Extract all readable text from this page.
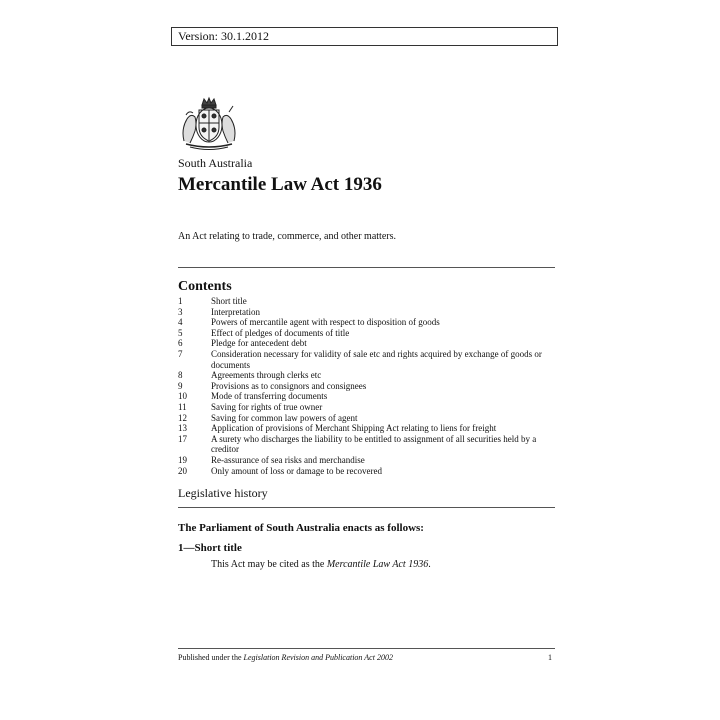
Version: 30.1.2012
South Australia
Mercantile Law Act 1936
An Act relating to trade, commerce, and other matters.
Contents
1	Short title
3	Interpretation
4	Powers of mercantile agent with respect to disposition of goods
5	Effect of pledges of documents of title
6	Pledge for antecedent debt
7	Consideration necessary for validity of sale etc and rights acquired by exchange of goods or documents
8	Agreements through clerks etc
9	Provisions as to consignors and consignees
10	Mode of transferring documents
11	Saving for rights of true owner
12	Saving for common law powers of agent
13	Application of provisions of Merchant Shipping Act relating to liens for freight
17	A surety who discharges the liability to be entitled to assignment of all securities held by a creditor
19	Re-assurance of sea risks and merchandise
20	Only amount of loss or damage to be recovered
Legislative history
The Parliament of South Australia enacts as follows:
1—Short title
This Act may be cited as the Mercantile Law Act 1936.
Published under the Legislation Revision and Publication Act 2002	1
